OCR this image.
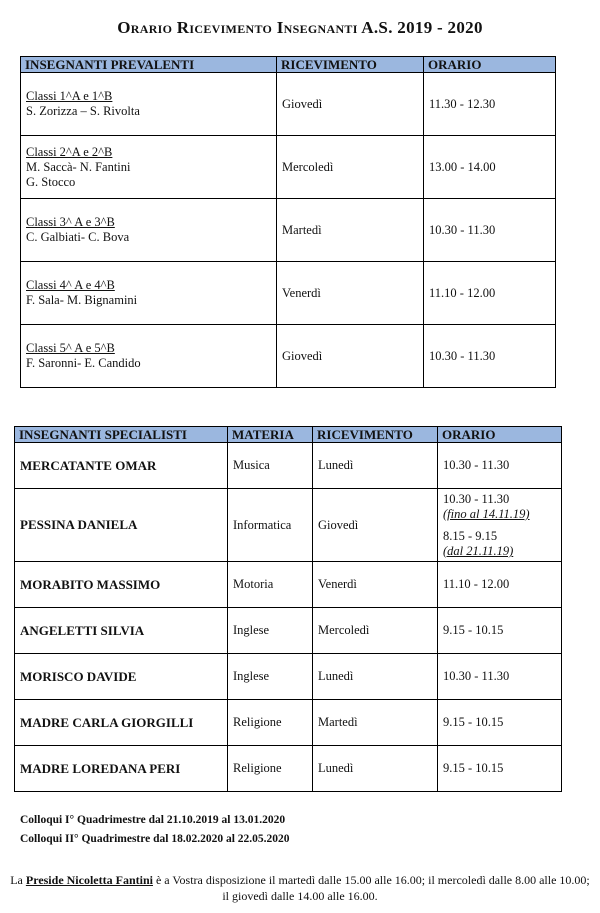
Orario Ricevimento Insegnanti A.S. 2019 - 2020
INSEGNANTI PREVALENTI	RICEVIMENTO	ORARIO

Classi 1^A e 1^B
S. Zorizza – S. Rivolta	Giovedì	11.30 - 12.30

Classi 2^A e 2^B
M. Saccà- N. Fantini
G. Stocco	Mercoledì	13.00 - 14.00

Classi 3^ A e 3^B
C. Galbiati- C. Bova	Martedì	10.30 - 11.30

Classi 4^ A e 4^B
F. Sala- M. Bignamini	Venerdì	11.10 - 12.00

Classi 5^ A e 5^B
F. Saronni- E. Candido	Giovedì	10.30 - 11.30
INSEGNANTI SPECIALISTI	MATERIA	RICEVIMENTO	ORARIO
MERCATANTE OMAR	Musica	Lunedì	10.30 - 11.30
PESSINA DANIELA	Informatica	Giovedì	10.30 - 11.30
(fino al 14.11.19)
8.15 - 9.15
(dal 21.11.19)

MORABITO MASSIMO	Motoria	Venerdì	11.10 - 12.00
ANGELETTI SILVIA	Inglese	Mercoledì	9.15 - 10.15
MORISCO DAVIDE	Inglese	Lunedì	10.30 - 11.30
MADRE CARLA GIORGILLI	Religione	Martedì	9.15 - 10.15
MADRE LOREDANA PERI	Religione	Lunedì	9.15 - 10.15
Colloqui I° Quadrimestre dal 21.10.2019 al 13.01.2020
Colloqui II° Quadrimestre dal 18.02.2020 al 22.05.2020
La Preside Nicoletta Fantini è a Vostra disposizione il martedì dalle 15.00 alle 16.00; il mercoledì dalle 8.00 alle 10.00; il giovedì dalle 14.00 alle 16.00.
